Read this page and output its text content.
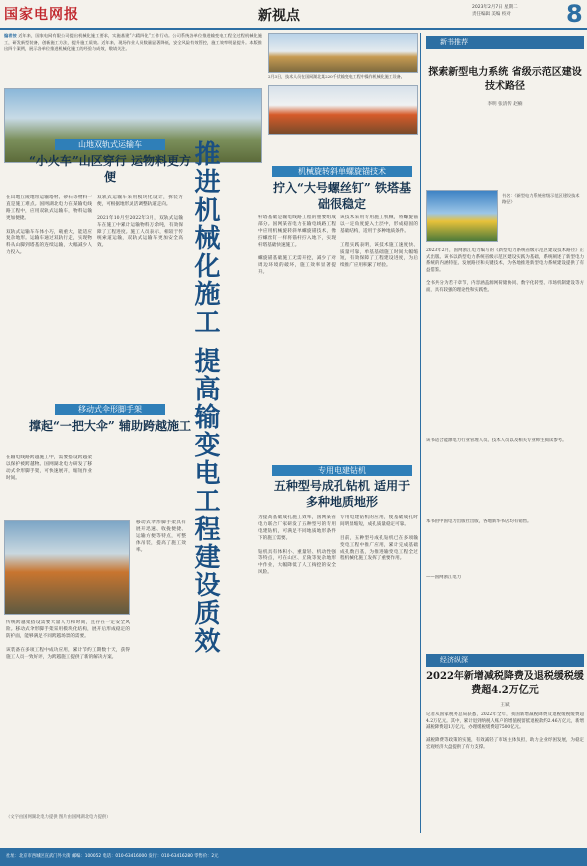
国家电网报	新视点
2023年2月7日 星期二
责任编辑 美编 校对 8
编者按 近年来，国家电网有限公司提出机械化施工要求，实施基建“六精四化”工作行动。公司系统各单位推进输变电工程全过程机械化施工，研发新型装备，创新施工方法，提升施工质效。近年来，现场作业人员数量显著降低，安全风险有效管控，施工效率明显提升。本版推出四个案例，展示各单位推进机械化施工的经验与成效，敬请关注。
2月3日，技术人员在国网湖北某220千伏输变电工程中操作机械化施工设备。
山地双轨式运输车
“小火车”山区穿行 运物料更方便
在山地丘陵地带运输塔材、砂石等物料一直是施工难点。国网湖北电力在某输电线路工程中，应用双轨式运输车，物料运输更加便捷。

双轨式运输车车体小巧，载重大，能适应复杂地形。运输车通过双轨行走，实现物料从山脚到塔基的连续运输，大幅减少人力投入。
双轨式运输车采用模块化设计，拆装方便，可根据地形灵活调整轨道走向。

2021年10月至2022年3月，双轨式运输车在施工中累计运输物料万余吨，有效保障了工程进度。施工人员表示，相较于传统索道运输，双轨式运输车更加安全高效。
移动式伞形脚手架
撑起“一把大伞” 辅助跨越施工
在输电线路跨越施工中，需要搭设跨越架以保护被跨越物。国网湖北电力研发了移动式伞形脚手架，可快速展开，缩短作业时间。
移动式伞形脚手架具有展开迅速、收拢便捷、运输方便等特点，可整体吊装，提高了施工效率。
传统跨越架搭设需要大量人力和时间，且存在一定安全风险。移动式伞形脚手架采用模块化结构，展开后形成稳定的防护面，能够满足不同跨越场景的需要。

该装备在多项工程中成功应用，累计节约工期数十天，获得施工人员一致好评，为跨越施工提供了新的解决方案。
推进机械化施工 提高输变电工程建设质效	机械旋转斜单螺旋锚技术
拧入“大号螺丝钉” 铁塔基础很稳定
杆塔基础是输电线路工程的重要组成部分。国网某省电力在输电线路工程中应用机械旋转斜单螺旋锚技术，像拧螺丝钉一样将锚杆拧入地下，实现杆塔基础快速施工。

螺旋锚基础施工无需开挖，减少了对周边环境的破坏，施工效率显著提升。
该技术采用专用施工机械，将螺旋锚以一定角度旋入土层中，形成稳固的基础结构，适用于多种地质条件。

工程实践表明，该技术施工速度快、质量可靠，单基基础施工时间大幅缩短，有效保障了工程建设进度，为后续推广应用积累了经验。
专用电建钻机
五种型号成孔钻机 适用于多种地质地形
为提高基础成孔施工效率，国网某省电力联合厂家研发了五种型号的专用电建钻机，可满足不同地质地形条件下的施工需要。

钻机具有体积小、重量轻、机动性强等特点，可在山区、丘陵等复杂地形中作业，大幅降低了人工掏挖的安全风险。
专用电建钻机的应用，使基础成孔时间明显缩短，成孔质量稳定可靠。

目前，五种型号成孔钻机已在多项输变电工程中推广应用，累计完成基础成孔数百基，为推进输变电工程全过程机械化施工发挥了重要作用。
（文字由国网湖北电力提供 图片由国网湖北电力提供）
新书推荐
探索新型电力系统 省级示范区建设技术路径
李明 张清传 赵楠
书名：《新型电力系统省级示范区建设技术路径》
2023年2月，国网浙江电力编写的《新型电力系统省级示范区建设技术路径》正式出版。该书以新型电力系统省级示范区建设实践为基础，系统阐述了新型电力系统的内涵特征、发展路径和关键技术，为各地推进新型电力系统建设提供了有益借鉴。

全书共分为若干章节，内容涵盖源网荷储协同、数字化转型、市场机制建设等方面，具有较强的理论性和实践性。
该书适合能源电力行业管理人员、技术人员以及相关专业师生阅读参考。
本书由中国电力出版社出版，各地新华书店均有销售。
——国网浙江电力
经济纵深
2022年新增减税降费及退税缓税缓费超4.2万亿元
王斌
记者从国家税务总局获悉，2022年全年，我国新增减税降费及退税缓税缓费超4.2万亿元。其中，累计退到纳税人账户的增值税留抵退税款约2.46万亿元，新增减税降费超1万亿元，办理缓税缓费超7500亿元。

减税降费等政策的实施，有效减轻了市场主体负担，助力企业纾困发展，为稳定宏观经济大盘提供了有力支撑。
社址：北京市西城区宣武门外大街 邮编：100052 电话：010-63416000 发行：010-63416280 零售价：2元
